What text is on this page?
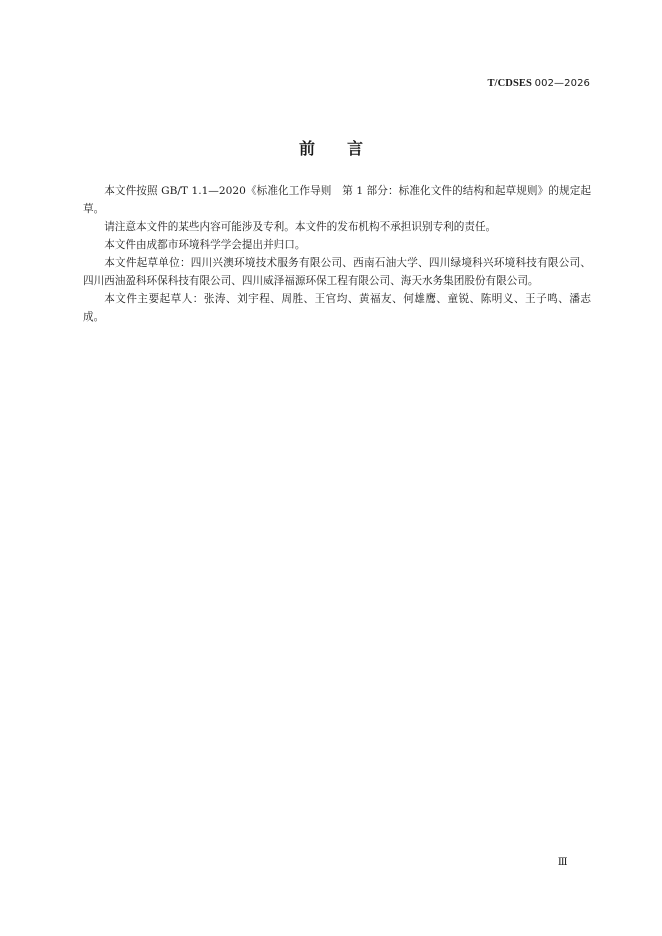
T/CDSES 002—2026
前 言

本文件按照 GB/T 1.1—2020《标准化工作导则　第 1 部分：标准化文件的结构和起草规则》的规定起草。

请注意本文件的某些内容可能涉及专利。本文件的发布机构不承担识别专利的责任。

本文件由成都市环境科学学会提出并归口。

本文件起草单位：四川兴澳环境技术服务有限公司、西南石油大学、四川绿境科兴环境科技有限公司、四川西油盈科环保科技有限公司、四川威泽福源环保工程有限公司、海天水务集团股份有限公司。

本文件主要起草人：张涛、刘宇程、周胜、王官均、黄福友、何雄鹰、童锐、陈明义、王子鸣、潘志成。

Ⅲ
